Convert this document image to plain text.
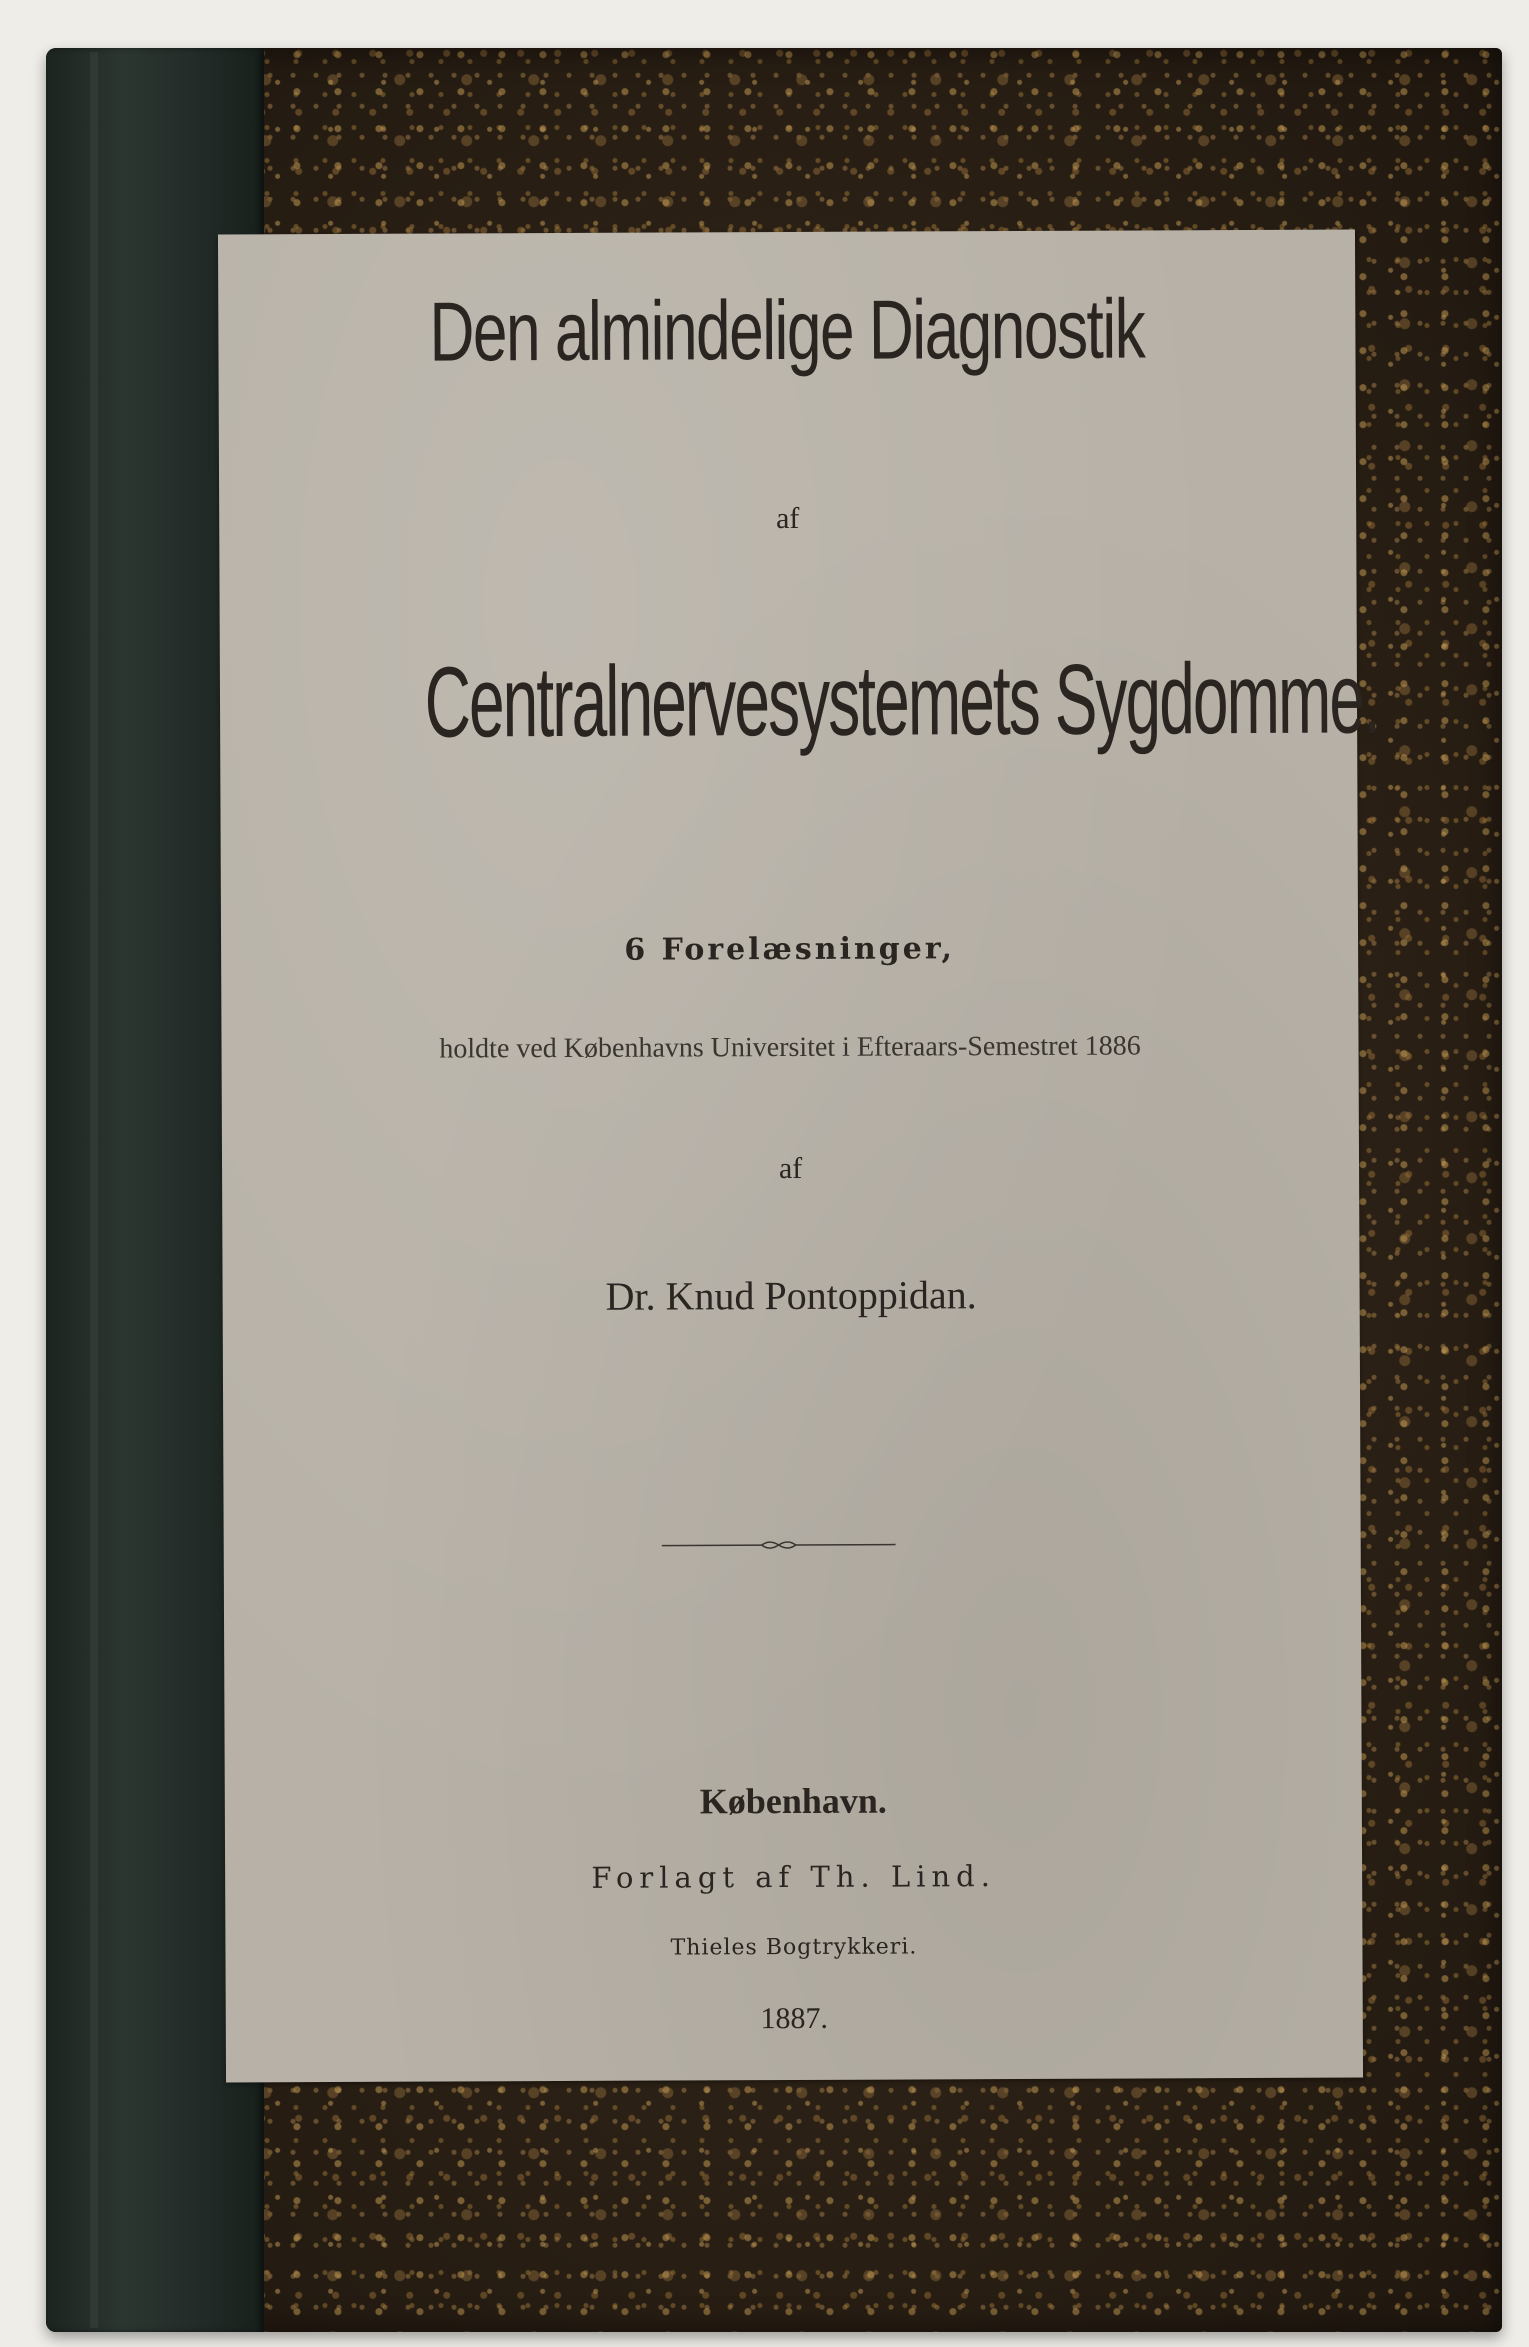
Den almindelige Diagnostik
af
Centralnervesystemets Sygdomme.
6 Forelæsninger,
holdte ved Københavns Universitet i Efteraars-Semestret 1886
af
Dr. Knud Pontoppidan.
København.
Forlagt af Th. Lind.
Thieles Bogtrykkeri.
1887.
